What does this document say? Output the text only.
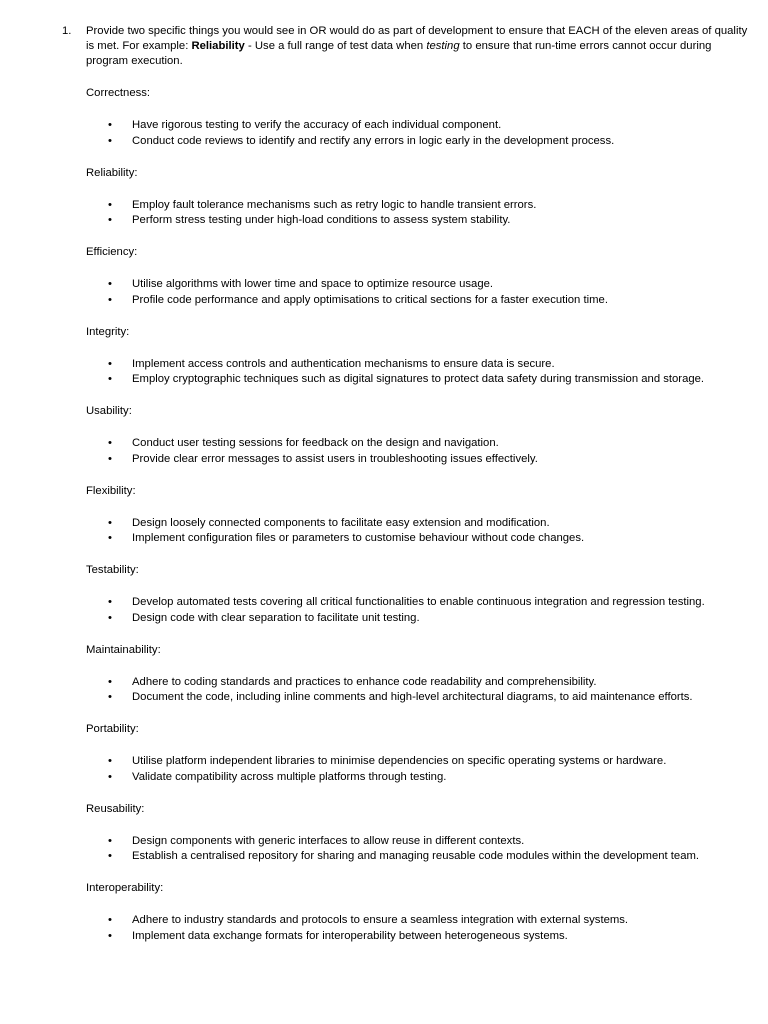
1. Provide two specific things you would see in OR would do as part of development to ensure that EACH of the eleven areas of quality is met. For example: Reliability - Use a full range of test data when testing to ensure that run-time errors cannot occur during program execution.
Correctness:
• Have rigorous testing to verify the accuracy of each individual component.
• Conduct code reviews to identify and rectify any errors in logic early in the development process.
Reliability:
• Employ fault tolerance mechanisms such as retry logic to handle transient errors.
• Perform stress testing under high-load conditions to assess system stability.
Efficiency:
• Utilise algorithms with lower time and space to optimize resource usage.
• Profile code performance and apply optimisations to critical sections for a faster execution time.
Integrity:
• Implement access controls and authentication mechanisms to ensure data is secure.
• Employ cryptographic techniques such as digital signatures to protect data safety during transmission and storage.
Usability:
• Conduct user testing sessions for feedback on the design and navigation.
• Provide clear error messages to assist users in troubleshooting issues effectively.
Flexibility:
• Design loosely connected components to facilitate easy extension and modification.
• Implement configuration files or parameters to customise behaviour without code changes.
Testability:
• Develop automated tests covering all critical functionalities to enable continuous integration and regression testing.
• Design code with clear separation to facilitate unit testing.
Maintainability:
• Adhere to coding standards and practices to enhance code readability and comprehensibility.
• Document the code, including inline comments and high-level architectural diagrams, to aid maintenance efforts.
Portability:
• Utilise platform independent libraries to minimise dependencies on specific operating systems or hardware.
• Validate compatibility across multiple platforms through testing.
Reusability:
• Design components with generic interfaces to allow reuse in different contexts.
• Establish a centralised repository for sharing and managing reusable code modules within the development team.
Interoperability:
• Adhere to industry standards and protocols to ensure a seamless integration with external systems.
• Implement data exchange formats for interoperability between heterogeneous systems.
